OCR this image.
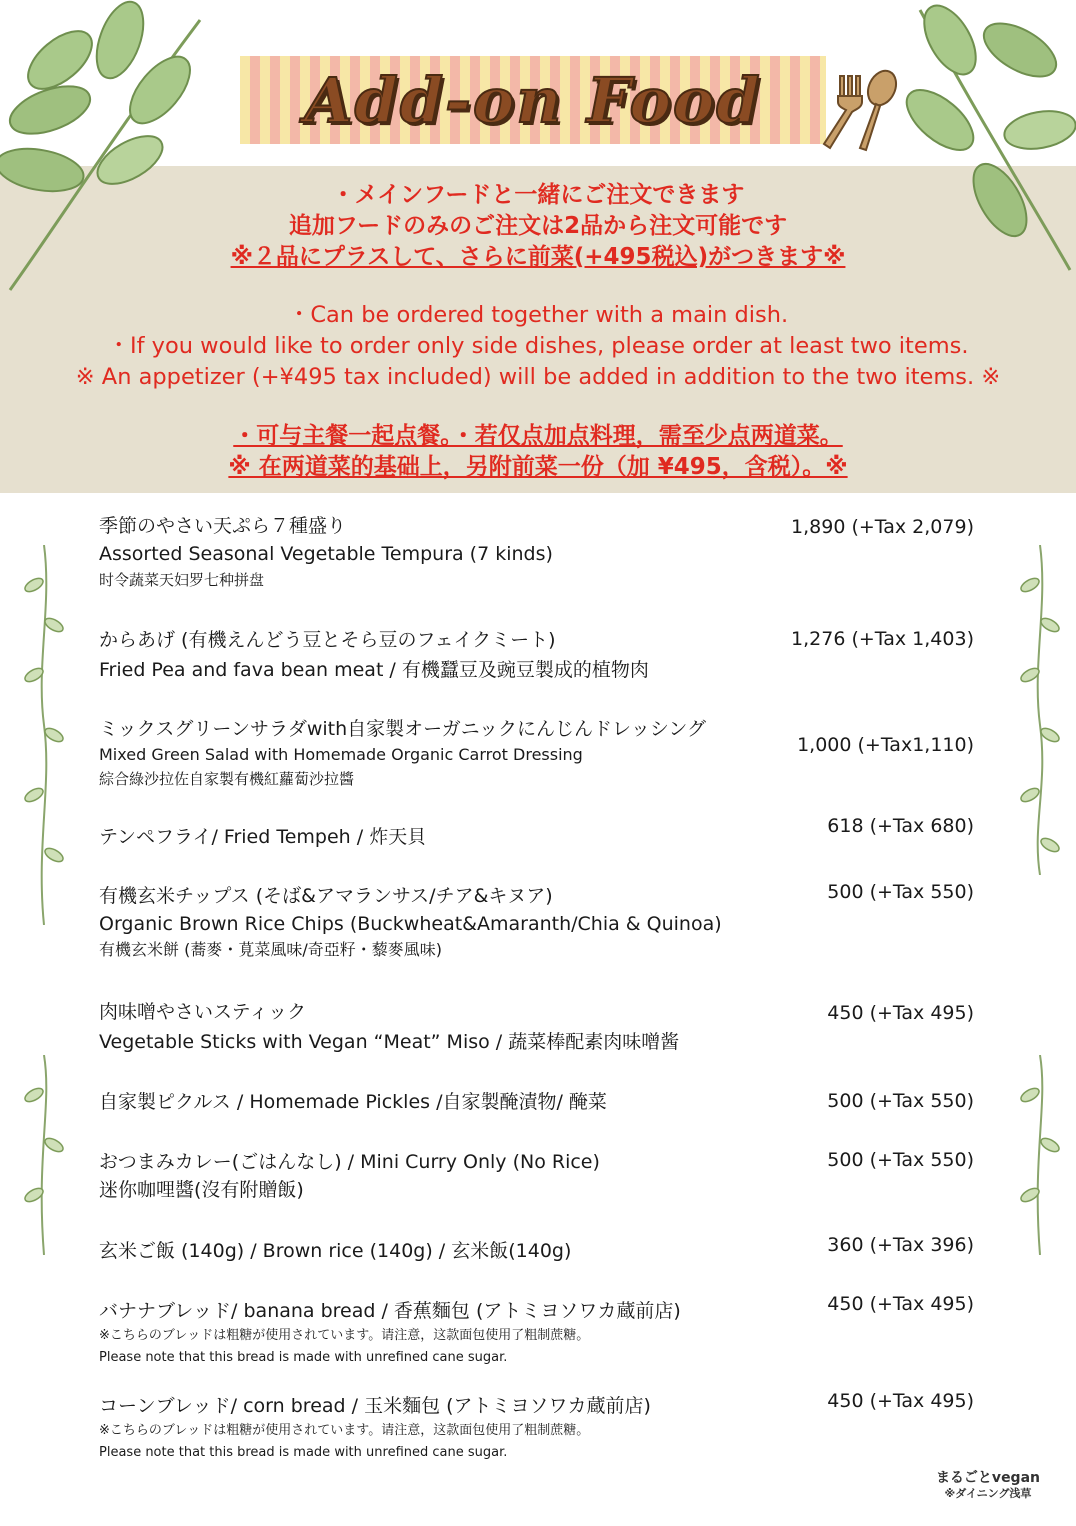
Add-on Food
・メインフードと一緒にご注文できます
追加フードのみのご注文は2品から注文可能です
※２品にプラスして、さらに前菜(+495税込)がつきます※
・Can be ordered together with a main dish.
・If you would like to order only side dishes, please order at least two items.
※ An appetizer (+¥495 tax included) will be added in addition to the two items. ※
・可与主餐一起点餐。・若仅点加点料理，需至少点两道菜。
※ 在两道菜的基础上，另附前菜一份（加 ¥495，含税）。※
季節のやさい天ぷら７種盛り
Assorted Seasonal Vegetable Tempura (7 kinds)
时令蔬菜天妇罗七种拼盘
1,890 (+Tax 2,079)
からあげ (有機えんどう豆とそら豆のフェイクミート)
Fried Pea and fava bean meat / 有機蠶豆及豌豆製成的植物肉
1,276 (+Tax 1,403)
ミックスグリーンサラダwith自家製オーガニックにんじんドレッシング
Mixed Green Salad with Homemade Organic Carrot Dressing
綜合綠沙拉佐自家製有機紅蘿蔔沙拉醬
1,000 (+Tax1,110)
テンペフライ/ Fried Tempeh / 炸天貝	618 (+Tax 680)
有機玄米チップス (そば&アマランサス/チア&キヌア)
Organic Brown Rice Chips (Buckwheat&Amaranth/Chia & Quinoa)
有機玄米餅 (蕎麥・莧菜風味/奇亞籽・藜麥風味)
500 (+Tax 550)
肉味噌やさいスティック
Vegetable Sticks with Vegan “Meat” Miso / 蔬菜棒配素肉味噌酱
450 (+Tax 495)
自家製ピクルス / Homemade Pickles /自家製醃漬物/ 醃菜	500 (+Tax 550)
おつまみカレー(ごはんなし) / Mini Curry Only (No Rice)
迷你咖哩醬(沒有附贈飯)
500 (+Tax 550)
玄米ご飯 (140g) / Brown rice (140g) / 玄米飯(140g)	360 (+Tax 396)
バナナブレッド/ banana bread / 香蕉麵包 (アトミヨソワカ蔵前店)
※こちらのブレッドは粗糖が使用されています。请注意，这款面包使用了粗制蔗糖。
Please note that this bread is made with unrefined cane sugar.
450 (+Tax 495)
コーンブレッド/ corn bread / 玉米麵包 (アトミヨソワカ蔵前店)
※こちらのブレッドは粗糖が使用されています。请注意，这款面包使用了粗制蔗糖。
Please note that this bread is made with unrefined cane sugar.
450 (+Tax 495)
まるごとvegan
※ダイニング浅草
